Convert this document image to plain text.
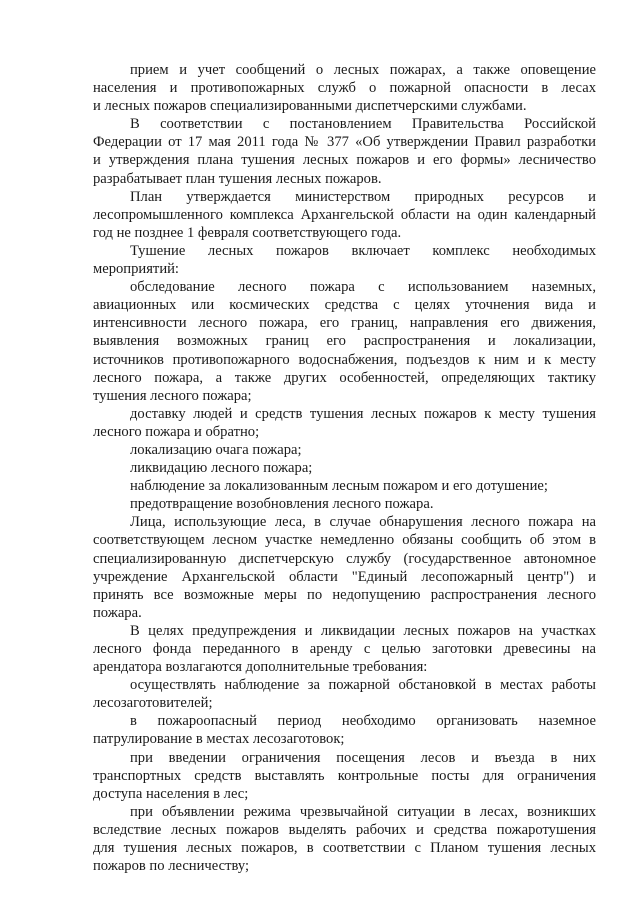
прием и учет сообщений о лесных пожарах, а также оповещение
населения и противопожарных служб о пожарной опасности в лесах
и лесных пожаров специализированными диспетчерскими службами.
В соответствии с постановлением Правительства Российской
Федерации от 17 мая 2011 года № 377 «Об утверждении Правил разработки
и утверждения плана тушения лесных пожаров и его формы» лесничество
разрабатывает план тушения лесных пожаров.
План утверждается министерством природных ресурсов и
лесопромышленного комплекса Архангельской области на один календарный
год не позднее 1 февраля соответствующего года.
Тушение лесных пожаров включает комплекс необходимых
мероприятий:
обследование лесного пожара с использованием наземных,
авиационных или космических средства с целях уточнения вида и
интенсивности лесного пожара, его границ, направления его движения,
выявления возможных границ его распространения и локализации,
источников противопожарного водоснабжения, подъездов к ним и к месту
лесного пожара, а также других особенностей, определяющих тактику
тушения лесного пожара;
доставку людей и средств тушения лесных пожаров к месту тушения
лесного пожара и обратно;
локализацию очага пожара;
ликвидацию лесного пожара;
наблюдение за локализованным лесным пожаром и его дотушение;
предотвращение возобновления лесного пожара.
Лица, использующие леса, в случае обнарушения лесного пожара на
соответствующем лесном участке немедленно обязаны сообщить об этом в
специализированную диспетчерскую службу (государственное автономное
учреждение Архангельской области "Единый лесопожарный центр") и
принять все возможные меры по недопущению распространения лесного
пожара.
В целях предупреждения и ликвидации лесных пожаров на участках
лесного фонда переданного в аренду с целью заготовки древесины на
арендатора возлагаются дополнительные требования:
осуществлять наблюдение за пожарной обстановкой в местах работы
лесозаготовителей;
в пожароопасный период необходимо организовать наземное
патрулирование в местах лесозаготовок;
при введении ограничения посещения лесов и въезда в них
транспортных средств выставлять контрольные посты для ограничения
доступа населения в лес;
при объявлении режима чрезвычайной ситуации в лесах, возникших
вследствие лесных пожаров выделять рабочих и средства пожаротушения
для тушения лесных пожаров, в соответствии с Планом тушения лесных
пожаров по лесничеству;
